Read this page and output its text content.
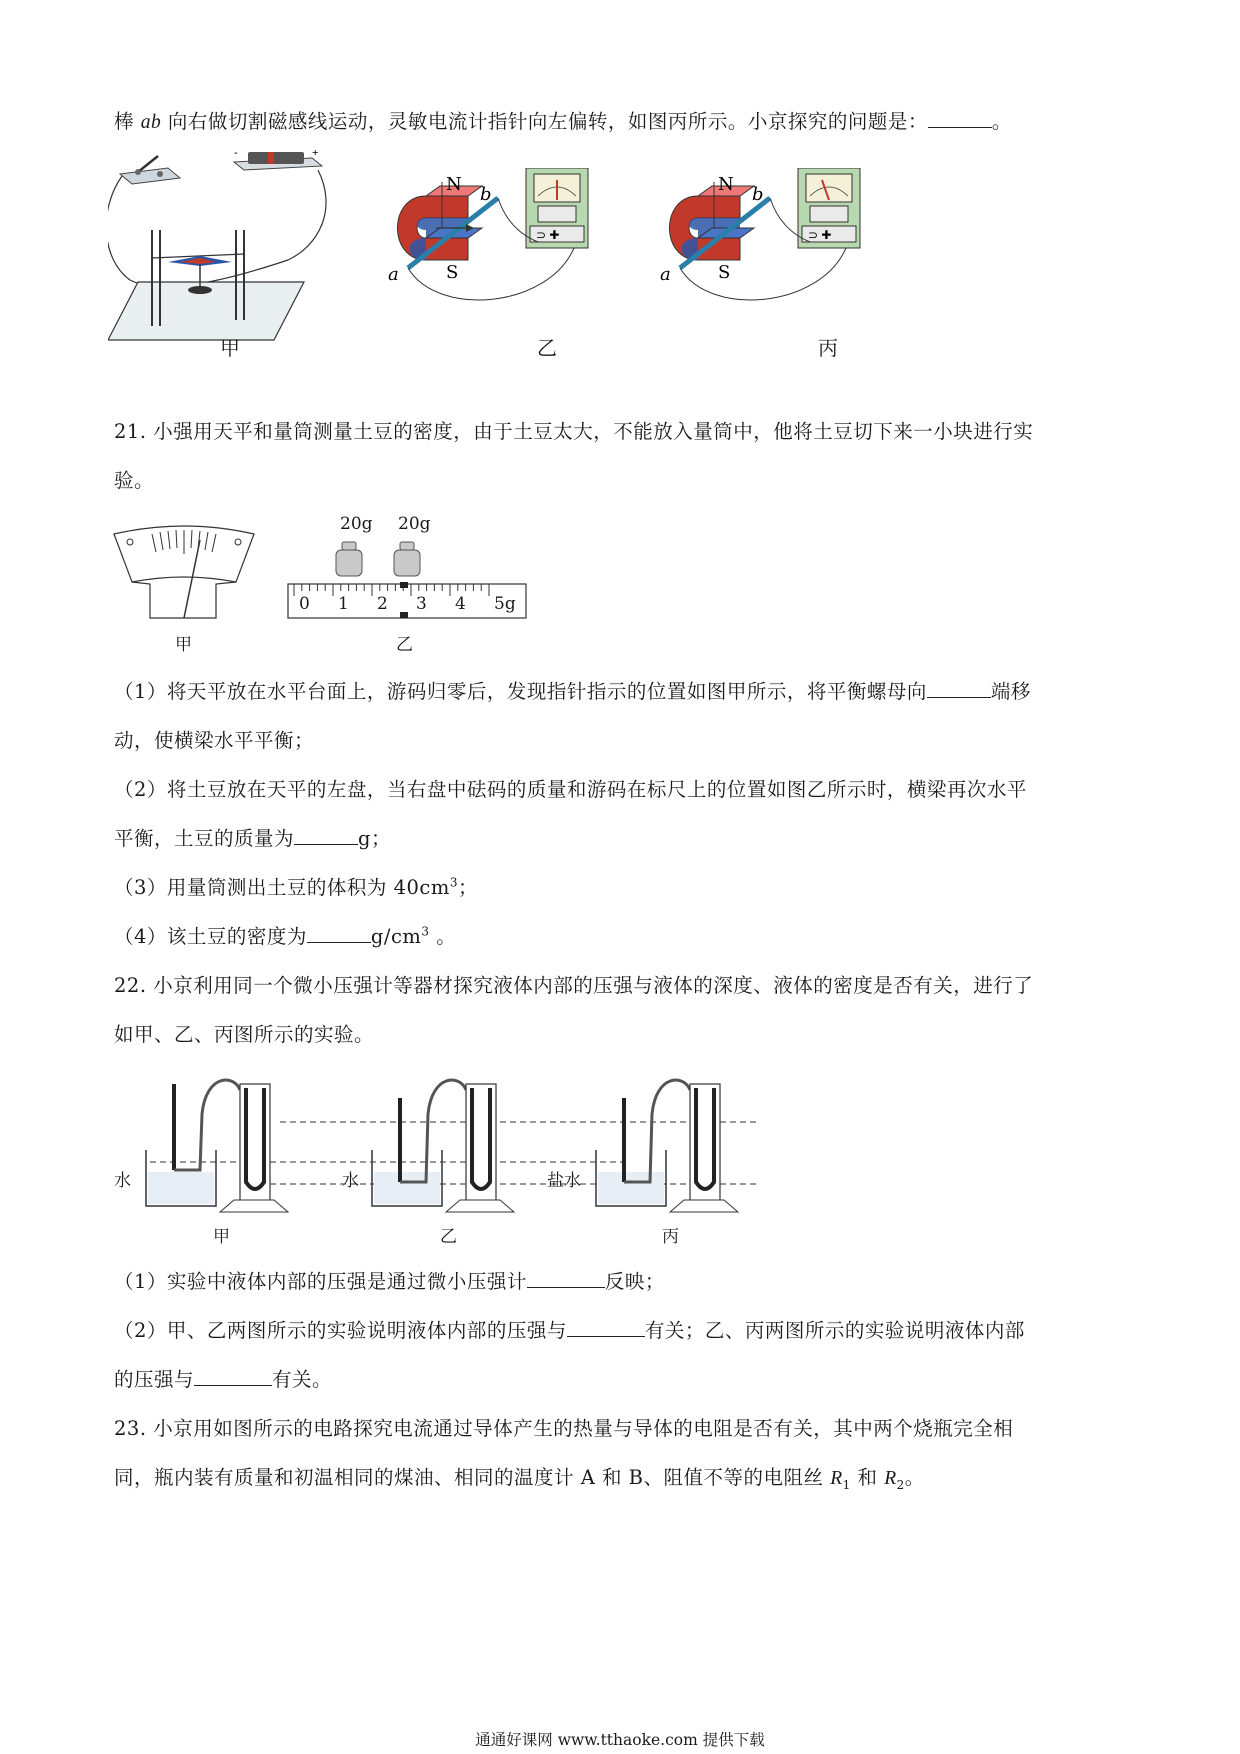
棒 ab 向右做切割磁感线运动，灵敏电流计指针向左偏转，如图丙所示。小京探究的问题是：	。
-	+
甲
N
S
a
b
⊃ ✚
乙
N
S
a
b
⊃ ✚
丙
21. 小强用天平和量筒测量土豆的密度，由于土豆太大，不能放入量筒中，他将土豆切下来一小块进行实
验。
甲
20g 20g
0 1 2 3 4 5g
乙
（1）将天平放在水平台面上，游码归零后，发现指针指示的位置如图甲所示，将平衡螺母向	端移
动，使横梁水平平衡；
（2）将土豆放在天平的左盘，当右盘中砝码的质量和游码在标尺上的位置如图乙所示时，横梁再次水平
平衡，土豆的质量为	g；
（3）用量筒测出土豆的体积为 $40cm^3$；
（4）该土豆的密度为	$g/cm^3$ 。
22. 小京利用同一个微小压强计等器材探究液体内部的压强与液体的深度、液体的密度是否有关，进行了
如甲、乙、丙图所示的实验。
水	水	盐水
甲	乙	丙
（1）实验中液体内部的压强是通过微小压强计	反映；
（2）甲、乙两图所示的实验说明液体内部的压强与	有关；乙、丙两图所示的实验说明液体内部
的压强与	有关。
23. 小京用如图所示的电路探究电流通过导体产生的热量与导体的电阻是否有关，其中两个烧瓶完全相
同，瓶内装有质量和初温相同的煤油、相同的温度计 A 和 B、阻值不等的电阻丝 $R_1$ 和 $R_2$。
通通好课网 www.tthaoke.com 提供下载
